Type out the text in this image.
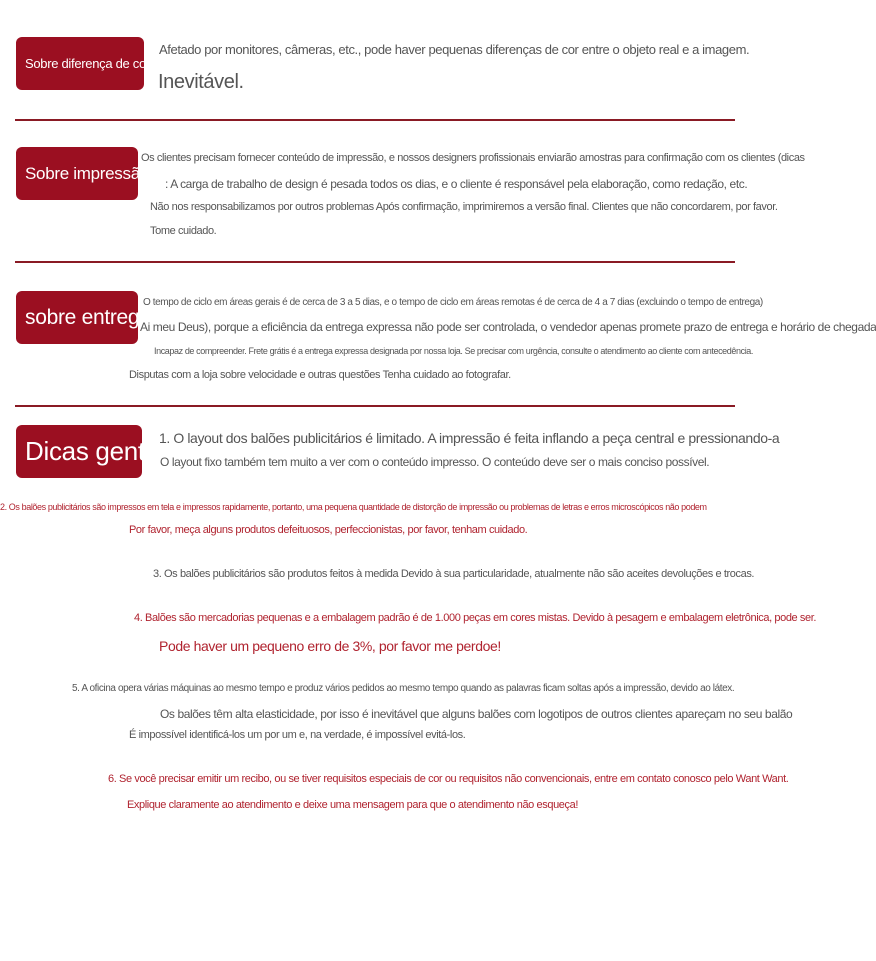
Sobre diferença de cor
Afetado por monitores, câmeras, etc., pode haver pequenas diferenças de cor entre o objeto real e a imagem.
Inevitável.
Sobre impressão
Os clientes precisam fornecer conteúdo de impressão, e nossos designers profissionais enviarão amostras para confirmação com os clientes (dicas
: A carga de trabalho de design é pesada todos os dias, e o cliente é responsável pela elaboração, como redação, etc.
Não nos responsabilizamos por outros problemas Após confirmação, imprimiremos a versão final. Clientes que não concordarem, por favor.
Tome cuidado.
sobre entrega
O tempo de ciclo em áreas gerais é de cerca de 3 a 5 dias, e o tempo de ciclo em áreas remotas é de cerca de 4 a 7 dias (excluindo o tempo de entrega)
Ai meu Deus), porque a eficiência da entrega expressa não pode ser controlada, o vendedor apenas promete prazo de entrega e horário de chegada
Incapaz de compreender. Frete grátis é a entrega expressa designada por nossa loja. Se precisar com urgência, consulte o atendimento ao cliente com antecedência.
Disputas com a loja sobre velocidade e outras questões Tenha cuidado ao fotografar.
Dicas gentis
1. O layout dos balões publicitários é limitado. A impressão é feita inflando a peça central e pressionando-a
O layout fixo também tem muito a ver com o conteúdo impresso. O conteúdo deve ser o mais conciso possível.
2. Os balões publicitários são impressos em tela e impressos rapidamente, portanto, uma pequena quantidade de distorção de impressão ou problemas de letras e erros microscópicos não podem
Por favor, meça alguns produtos defeituosos, perfeccionistas, por favor, tenham cuidado.
3. Os balões publicitários são produtos feitos à medida Devido à sua particularidade, atualmente não são aceites devoluções e trocas.
4. Balões são mercadorias pequenas e a embalagem padrão é de 1.000 peças em cores mistas. Devido à pesagem e embalagem eletrônica, pode ser.
Pode haver um pequeno erro de 3%, por favor me perdoe!
5. A oficina opera várias máquinas ao mesmo tempo e produz vários pedidos ao mesmo tempo quando as palavras ficam soltas após a impressão, devido ao látex.
Os balões têm alta elasticidade, por isso é inevitável que alguns balões com logotipos de outros clientes apareçam no seu balão
É impossível identificá-los um por um e, na verdade, é impossível evitá-los.
6. Se você precisar emitir um recibo, ou se tiver requisitos especiais de cor ou requisitos não convencionais, entre em contato conosco pelo Want Want.
Explique claramente ao atendimento e deixe uma mensagem para que o atendimento não esqueça!
